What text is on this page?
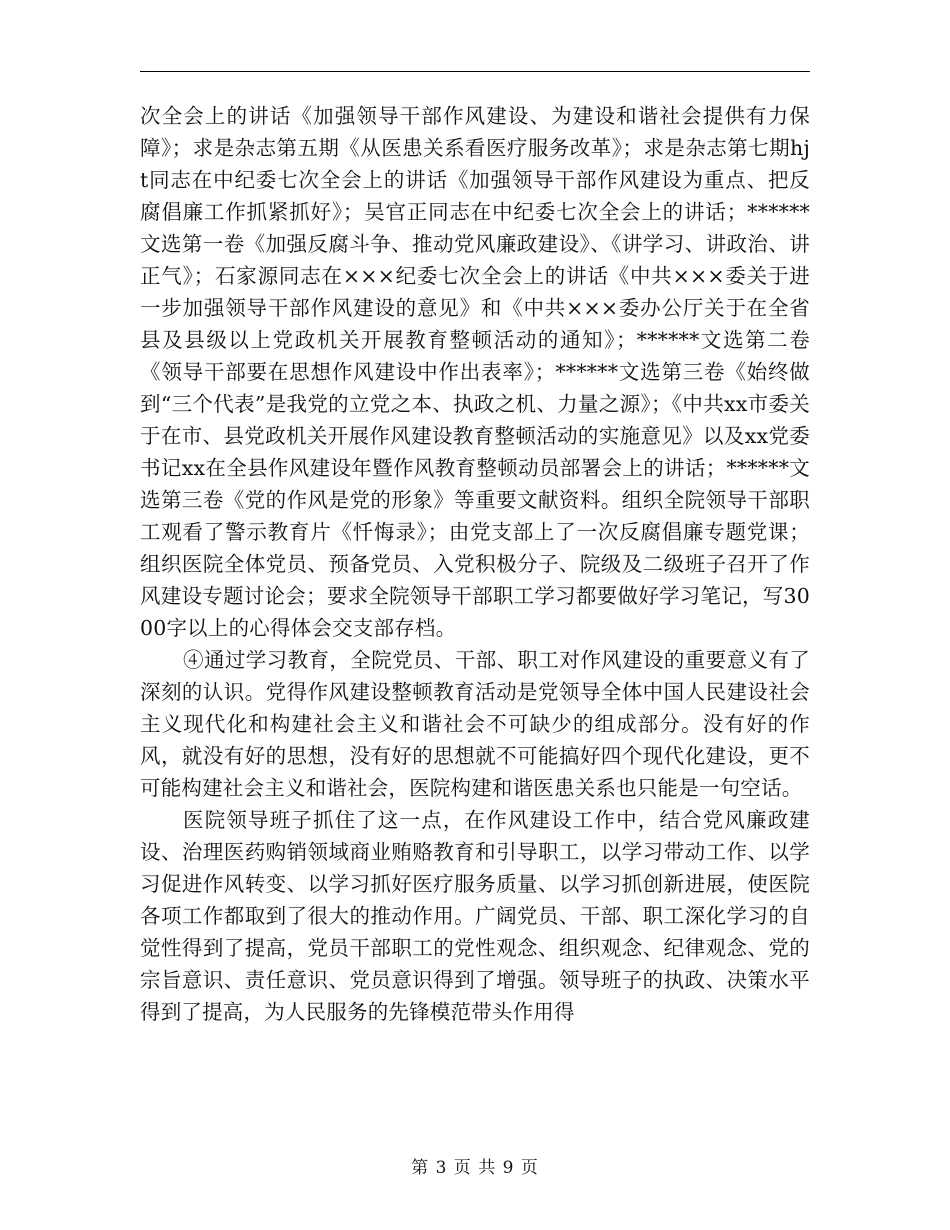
次全会上的讲话《加强领导干部作风建设、为建设和谐社会提供有力保障》；求是杂志第五期《从医患关系看医疗服务改革》；求是杂志第七期hjt同志在中纪委七次全会上的讲话《加强领导干部作风建设为重点、把反腐倡廉工作抓紧抓好》；吴官正同志在中纪委七次全会上的讲话；******文选第一卷《加强反腐斗争、推动党风廉政建设》、《讲学习、讲政治、讲正气》；石家源同志在×××纪委七次全会上的讲话《中共×××委关于进一步加强领导干部作风建设的意见》和《中共×××委办公厅关于在全省县及县级以上党政机关开展教育整顿活动的通知》；******文选第二卷《领导干部要在思想作风建设中作出表率》；******文选第三卷《始终做到“三个代表”是我党的立党之本、执政之机、力量之源》；《中共xx市委关于在市、县党政机关开展作风建设教育整顿活动的实施意见》以及xx党委书记xx在全县作风建设年暨作风教育整顿动员部署会上的讲话；******文选第三卷《党的作风是党的形象》等重要文献资料。组织全院领导干部职工观看了警示教育片《忏悔录》；由党支部上了一次反腐倡廉专题党课；组织医院全体党员、预备党员、入党积极分子、院级及二级班子召开了作风建设专题讨论会；要求全院领导干部职工学习都要做好学习笔记，写3000字以上的心得体会交支部存档。

④通过学习教育，全院党员、干部、职工对作风建设的重要意义有了深刻的认识。党得作风建设整顿教育活动是党领导全体中国人民建设社会主义现代化和构建社会主义和谐社会不可缺少的组成部分。没有好的作风，就没有好的思想，没有好的思想就不可能搞好四个现代化建设，更不可能构建社会主义和谐社会，医院构建和谐医患关系也只能是一句空话。

医院领导班子抓住了这一点，在作风建设工作中，结合党风廉政建设、治理医药购销领域商业贿赂教育和引导职工，以学习带动工作、以学习促进作风转变、以学习抓好医疗服务质量、以学习抓创新进展，使医院各项工作都取到了很大的推动作用。广阔党员、干部、职工深化学习的自觉性得到了提高，党员干部职工的党性观念、组织观念、纪律观念、党的宗旨意识、责任意识、党员意识得到了增强。领导班子的执政、决策水平得到了提高，为人民服务的先锋模范带头作用得

第 3 页 共 9 页
